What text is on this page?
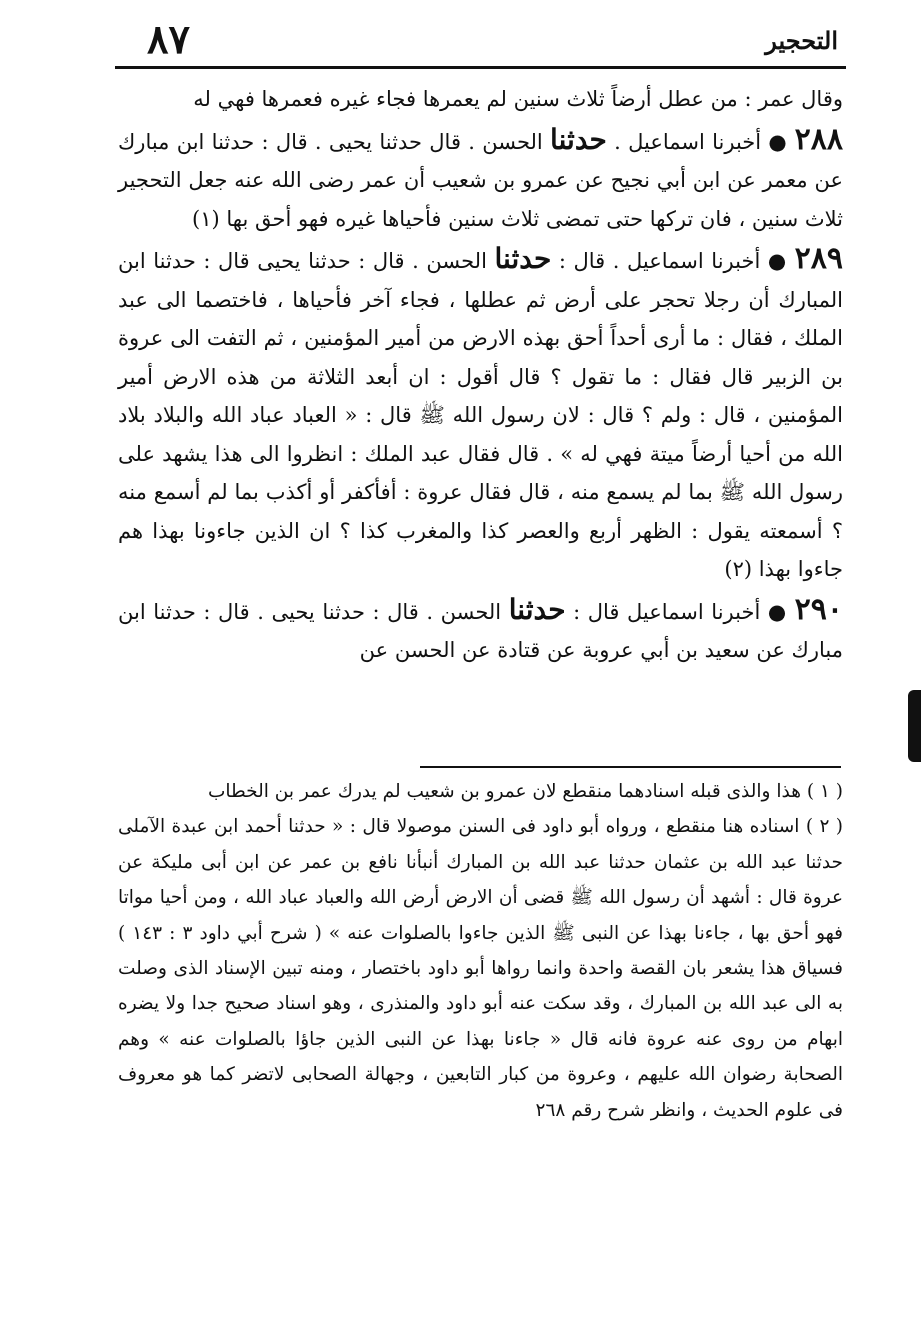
التحجير
٨٧

وقال عمر : من عطل أرضاً ثلاث سنين لم يعمرها فجاء غيره فعمرها فهي له

٢٨٨ ● أخبرنا اسماعيل . حدثنا الحسن . قال حدثنا يحيى . قال : حدثنا ابن مبارك عن معمر عن ابن أبي نجيح عن عمرو بن شعيب أن عمر رضى الله عنه جعل التحجير ثلاث سنين ، فان تركها حتى تمضى ثلاث سنين فأحياها غيره فهو أحق بها (١)

٢٨٩ ● أخبرنا اسماعيل . قال : حدثنا الحسن . قال : حدثنا يحيى قال : حدثنا ابن المبارك أن رجلا تحجر على أرض ثم عطلها ، فجاء آخر فأحياها ، فاختصما الى عبد الملك ، فقال : ما أرى أحداً أحق بهذه الارض من أمير المؤمنين ، ثم التفت الى عروة بن الزبير قال فقال : ما تقول ؟ قال أقول : ان أبعد الثلاثة من هذه الارض أمير المؤمنين ، قال : ولم ؟ قال : لان رسول الله ﷺ قال : « العباد عباد الله والبلاد بلاد الله من أحيا أرضاً ميتة فهي له » . قال فقال عبد الملك : انظروا الى هذا يشهد على رسول الله ﷺ بما لم يسمع منه ، قال فقال عروة : أفأكفر أو أكذب بما لم أسمع منه ؟ أسمعته يقول : الظهر أربع والعصر كذا والمغرب كذا ؟ ان الذين جاءونا بهذا هم جاءوا بهذا (٢)

٢٩٠ ● أخبرنا اسماعيل قال : حدثنا الحسن . قال : حدثنا يحيى . قال : حدثنا ابن مبارك عن سعيد بن أبي عروبة عن قتادة عن الحسن عن

( ١ ) هذا والذى قبله اسنادهما منقطع لان عمرو بن شعيب لم يدرك عمر بن الخطاب

( ٢ ) اسناده هنا منقطع ، ورواه أبو داود فى السنن موصولا قال : « حدثنا أحمد ابن عبدة الآملى حدثنا عبد الله بن عثمان حدثنا عبد الله بن المبارك أنبأنا نافع بن عمر عن ابن أبى مليكة عن عروة قال : أشهد أن رسول الله ﷺ قضى أن الارض أرض الله والعباد عباد الله ، ومن أحيا مواتا فهو أحق بها ، جاءنا بهذا عن النبى ﷺ الذين جاءوا بالصلوات عنه » ( شرح أبي داود ٣ : ١٤٣ ) فسياق هذا يشعر بان القصة واحدة وانما رواها أبو داود باختصار ، ومنه تبين الإسناد الذى وصلت به الى عبد الله بن المبارك ، وقد سكت عنه أبو داود والمنذرى ، وهو اسناد صحيح جدا ولا يضره ابهام من روى عنه عروة فانه قال « جاءنا بهذا عن النبى الذين جاؤا بالصلوات عنه » وهم الصحابة رضوان الله عليهم ، وعروة من كبار التابعين ، وجهالة الصحابى لاتضر كما هو معروف فى علوم الحديث ، وانظر شرح رقم ٢٦٨
